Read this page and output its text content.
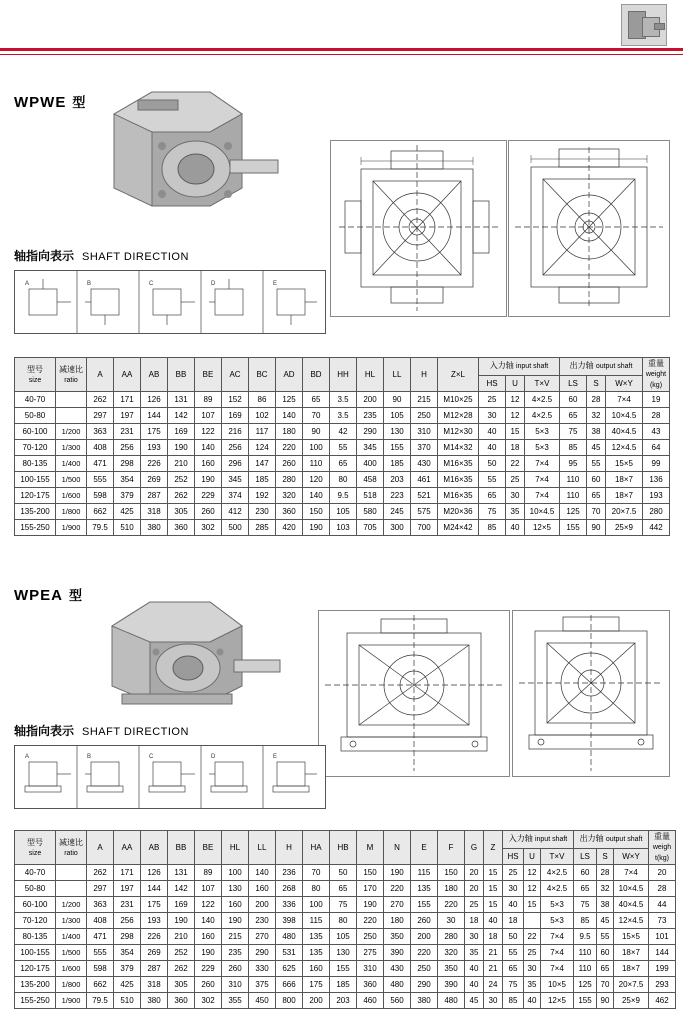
WPWE 型
轴指向表示 SHAFT DIRECTION
A	B	C	D	E
型号
size

减速比
ratio
	A	AA	AB	BB	BE	AC	BC	AD	BD	HH	HL	LL	H	Z×L	入力轴 input shaft	出力轴 output shaft	重量
weight
(kg)

																HS	U	T×V	LS	S	W×Y	
40-70		262	171	126	131	89	152	86	125	65	3.5	200	90	215	M10×25	25	12	4×2.5	60	28	7×4	19
50-80		297	197	144	142	107	169	102	140	70	3.5	235	105	250	M12×28	30	12	4×2.5	65	32	10×4.5	28
60-100	1/200	363	231	175	169	122	216	117	180	90	42	290	130	310	M12×30	40	15	5×3	75	38	40×4.5	43
70-120	1/300	408	256	193	190	140	256	124	220	100	55	345	155	370	M14×32	40	18	5×3	85	45	12×4.5	64
80-135	1/400	471	298	226	210	160	296	147	260	110	65	400	185	430	M16×35	50	22	7×4	95	55	15×5	99
100-155	1/500	555	354	269	252	190	345	185	280	120	80	458	203	461	M16×35	55	25	7×4	110	60	18×7	136
120-175	1/600	598	379	287	262	229	374	192	320	140	9.5	518	223	521	M16×35	65	30	7×4	110	65	18×7	193
135-200	1/800	662	425	318	305	260	412	230	360	150	105	580	245	575	M20×36	75	35	10×4.5	125	70	20×7.5	280
155-250	1/900	79.5	510	380	360	302	500	285	420	190	103	705	300	700	M24×42	85	40	12×5	155	90	25×9	442
WPEA 型
轴指向表示 SHAFT DIRECTION
A	B	C	D	E
型号
size

减速比
ratio
	A	AA	AB	BB	BE	HL	LL	H	HA	HB	M	N	E	F	G	Z	入力轴 input shaft	出力轴 output shaft	重量
weigh
t(kg)

																		HS	U	T×V	LS	S	W×Y	
40-70		262	171	126	131	89	100	140	236	70	50	150	190	115	150	20	15	25	12	4×2.5	60	28	7×4	20
50-80		297	197	144	142	107	130	160	268	80	65	170	220	135	180	20	15	30	12	4×2.5	65	32	10×4.5	28
60-100	1/200	363	231	175	169	122	160	200	336	100	75	190	270	155	220	25	15	40	15	5×3	75	38	40×4.5	44
70-120	1/300	408	256	193	190	140	190	230	398	115	80	220	180	260	30	18	40	18		5×3	85	45	12×4.5	73
80-135	1/400	471	298	226	210	160	215	270	480	135	105	250	350	200	280	30	18	50	22	7×4	9.5	55	15×5	101
100-155	1/500	555	354	269	252	190	235	290	531	135	130	275	390	220	320	35	21	55	25	7×4	110	60	18×7	144
120-175	1/600	598	379	287	262	229	260	330	625	160	155	310	430	250	350	40	21	65	30	7×4	110	65	18×7	199
135-200	1/800	662	425	318	305	260	310	375	666	175	185	360	480	290	390	40	24	75	35	10×5	125	70	20×7.5	293
155-250	1/900	79.5	510	380	360	302	355	450	800	200	203	460	560	380	480	45	30	85	40	12×5	155	90	25×9	462
